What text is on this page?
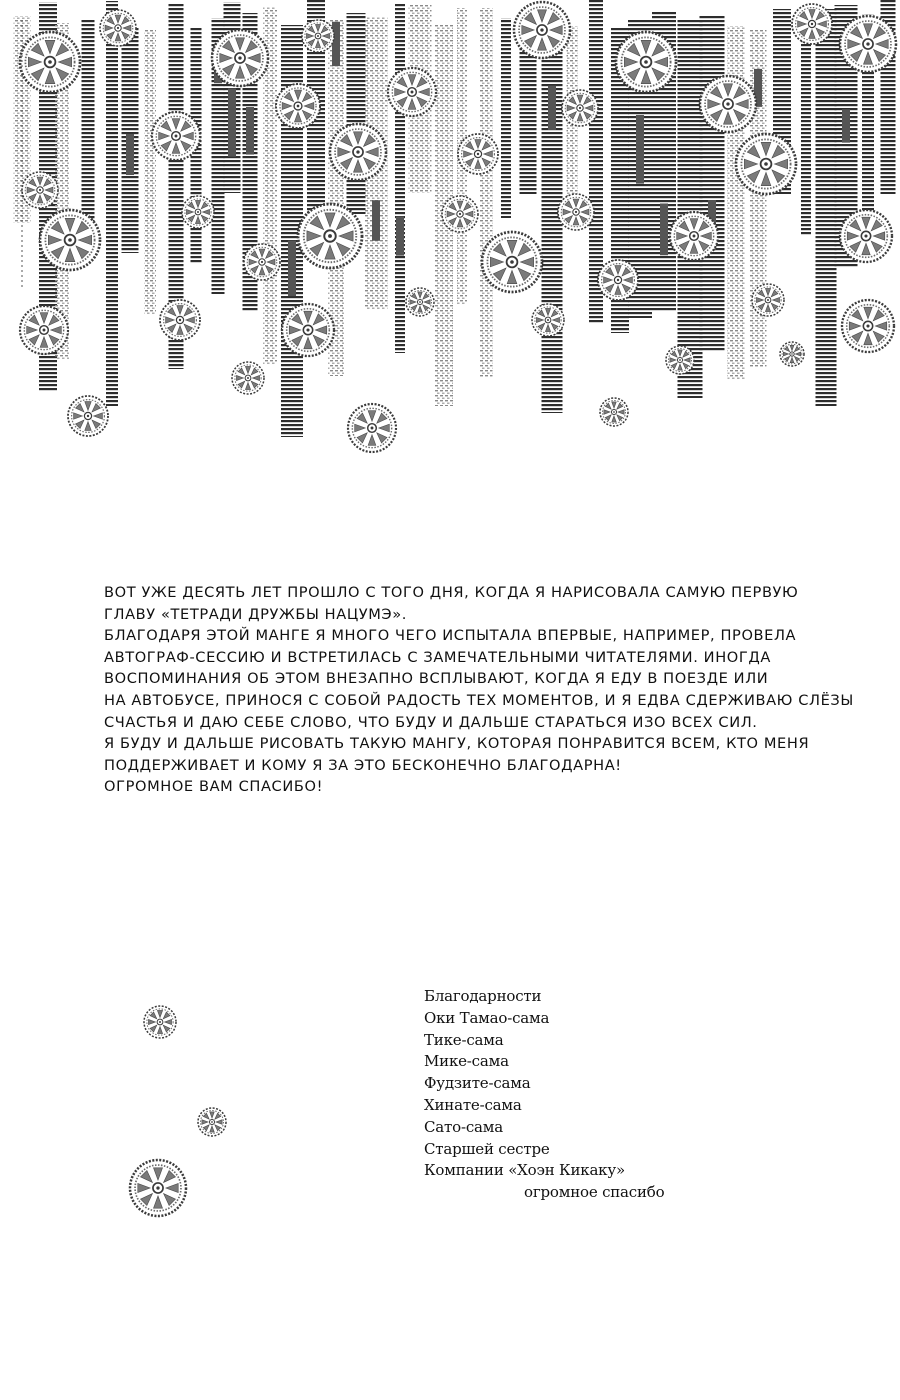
ВОТ УЖЕ ДЕСЯТЬ ЛЕТ ПРОШЛО С ТОГО ДНЯ, КОГДА Я НАРИСОВАЛА САМУЮ ПЕРВУЮ
ГЛАВУ «ТЕТРАДИ ДРУЖБЫ НАЦУМЭ».
БЛАГОДАРЯ ЭТОЙ МАНГЕ Я МНОГО ЧЕГО ИСПЫТАЛА ВПЕРВЫЕ, НАПРИМЕР, ПРОВЕЛА
АВТОГРАФ-СЕССИЮ И ВСТРЕТИЛАСЬ С ЗАМЕЧАТЕЛЬНЫМИ ЧИТАТЕЛЯМИ. ИНОГДА
ВОСПОМИНАНИЯ ОБ ЭТОМ ВНЕЗАПНО ВСПЛЫВАЮТ, КОГДА Я ЕДУ В ПОЕЗДЕ ИЛИ
НА АВТОБУСЕ, ПРИНОСЯ С СОБОЙ РАДОСТЬ ТЕХ МОМЕНТОВ, И Я ЕДВА СДЕРЖИВАЮ СЛЁЗЫ
СЧАСТЬЯ И ДАЮ СЕБЕ СЛОВО, ЧТО БУДУ И ДАЛЬШЕ СТАРАТЬСЯ ИЗО ВСЕХ СИЛ.
Я БУДУ И ДАЛЬШЕ РИСОВАТЬ ТАКУЮ МАНГУ, КОТОРАЯ ПОНРАВИТСЯ ВСЕМ, КТО МЕНЯ
ПОДДЕРЖИВАЕТ И КОМУ Я ЗА ЭТО БЕСКОНЕЧНО БЛАГОДАРНА!
ОГРОМНОЕ ВАМ СПАСИБО!
Благодарности
Оки Тамао-сама
Тике-сама
Мике-сама
Фудзите-сама
Хинате-сама
Сато-сама
Старшей сестре
Компании «Хоэн Кикаку»
огромное спасибо
